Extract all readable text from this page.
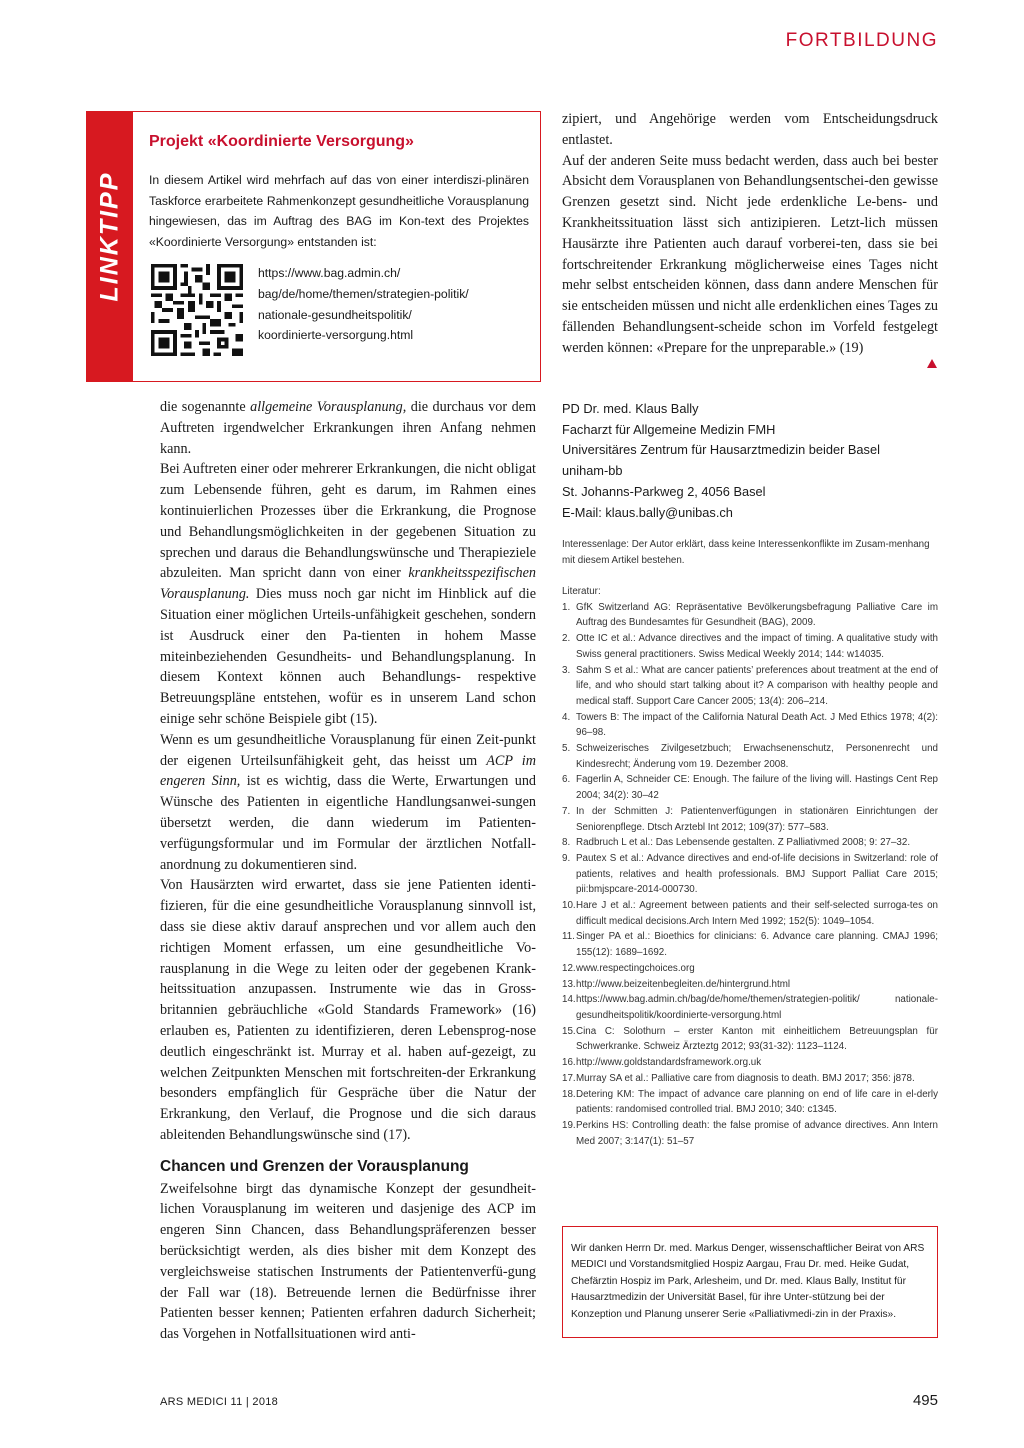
FORTBILDUNG
LINKTIPP
Projekt «Koordinierte Versorgung»
In diesem Artikel wird mehrfach auf das von einer interdiszi-plinären Taskforce erarbeitete Rahmenkonzept gesundheitliche Vorausplanung hingewiesen, das im Auftrag des BAG im Kon-text des Projektes «Koordinierte Versorgung» entstanden ist:
https://www.bag.admin.ch/
bag/de/home/themen/strategien-politik/
nationale-gesundheitspolitik/
koordinierte-versorgung.html

die sogenannte allgemeine Vorausplanung, die durchaus vor dem Auftreten irgendwelcher Erkrankungen ihren Anfang nehmen kann.

Bei Auftreten einer oder mehrerer Erkrankungen, die nicht obligat zum Lebensende führen, geht es darum, im Rahmen eines kontinuierlichen Prozesses über die Erkrankung, die Prognose und Behandlungsmöglichkeiten in der gegebenen Situation zu sprechen und daraus die Behandlungswünsche und Therapieziele abzuleiten. Man spricht dann von einer krankheitsspezifischen Vorausplanung. Dies muss noch gar nicht im Hinblick auf die Situation einer möglichen Urteils-unfähigkeit geschehen, sondern ist Ausdruck einer den Pa-tienten in hohem Masse miteinbeziehenden Gesundheits- und Behandlungsplanung. In diesem Kontext können auch Behandlungs- respektive Betreuungspläne entstehen, wofür es in unserem Land schon einige sehr schöne Beispiele gibt (15).

Wenn es um gesundheitliche Vorausplanung für einen Zeit-punkt der eigenen Urteilsunfähigkeit geht, das heisst um ACP im engeren Sinn, ist es wichtig, dass die Werte, Erwartungen und Wünsche des Patienten in eigentliche Handlungsanwei-sungen übersetzt werden, die dann wiederum im Patienten-verfügungsformular und im Formular der ärztlichen Notfall-anordnung zu dokumentieren sind.

Von Hausärzten wird erwartet, dass sie jene Patienten identi-fizieren, für die eine gesundheitliche Vorausplanung sinnvoll ist, dass sie diese aktiv darauf ansprechen und vor allem auch den richtigen Moment erfassen, um eine gesundheitliche Vo-rausplanung in die Wege zu leiten oder der gegebenen Krank-heitssituation anzupassen. Instrumente wie das in Gross-britannien gebräuchliche «Gold Standards Framework» (16) erlauben es, Patienten zu identifizieren, deren Lebensprog-nose deutlich eingeschränkt ist. Murray et al. haben auf-gezeigt, zu welchen Zeitpunkten Menschen mit fortschreiten-der Erkrankung besonders empfänglich für Gespräche über die Natur der Erkrankung, den Verlauf, die Prognose und die sich daraus ableitenden Behandlungswünsche sind (17).

Chancen und Grenzen der Vorausplanung

Zweifelsohne birgt das dynamische Konzept der gesundheit-lichen Vorausplanung im weiteren und dasjenige des ACP im engeren Sinn Chancen, dass Behandlungspräferenzen besser berücksichtigt werden, als dies bisher mit dem Konzept des vergleichsweise statischen Instruments der Patientenverfü-gung der Fall war (18). Betreuende lernen die Bedürfnisse ihrer Patienten besser kennen; Patienten erfahren dadurch Sicherheit; das Vorgehen in Notfallsituationen wird anti-

zipiert, und Angehörige werden vom Entscheidungsdruck entlastet.

Auf der anderen Seite muss bedacht werden, dass auch bei bester Absicht dem Vorausplanen von Behandlungsentschei-den gewisse Grenzen gesetzt sind. Nicht jede erdenkliche Le-bens- und Krankheitssituation lässt sich antizipieren. Letzt-lich müssen Hausärzte ihre Patienten auch darauf vorberei-ten, dass sie bei fortschreitender Erkrankung möglicherweise eines Tages nicht mehr selbst entscheiden können, dass dann andere Menschen für sie entscheiden müssen und nicht alle erdenklichen eines Tages zu fällenden Behandlungsent-scheide schon im Vorfeld festgelegt werden können: «Prepare for the unpreparable.» (19)

PD Dr. med. Klaus Bally
Facharzt für Allgemeine Medizin FMH
Universitäres Zentrum für Hausarztmedizin beider Basel
uniham-bb
St. Johanns-Parkweg 2, 4056 Basel
E-Mail: klaus.bally@unibas.ch
Interessenlage: Der Autor erklärt, dass keine Interessenkonflikte im Zusam-menhang mit diesem Artikel bestehen.
Literatur:
1. GfK Switzerland AG: Repräsentative Bevölkerungsbefragung Palliative Care im Auftrag des Bundesamtes für Gesundheit (BAG), 2009.
2. Otte IC et al.: Advance directives and the impact of timing. A qualitative study with Swiss general practitioners. Swiss Medical Weekly 2014; 144: w14035.
3. Sahm S et al.: What are cancer patients’ preferences about treatment at the end of life, and who should start talking about it? A comparison with healthy people and medical staff. Support Care Cancer 2005; 13(4): 206–214.
4. Towers B: The impact of the California Natural Death Act. J Med Ethics 1978; 4(2): 96–98.
5. Schweizerisches Zivilgesetzbuch; Erwachsenenschutz, Personenrecht und Kindesrecht; Änderung vom 19. Dezember 2008.
6. Fagerlin A, Schneider CE: Enough. The failure of the living will. Hastings Cent Rep 2004; 34(2): 30–42
7. In der Schmitten J: Patientenverfügungen in stationären Einrichtungen der Seniorenpflege. Dtsch Arztebl Int 2012; 109(37): 577–583.
8. Radbruch L et al.: Das Lebensende gestalten. Z Palliativmed 2008; 9: 27–32.
9. Pautex S et al.: Advance directives and end-of-life decisions in Switzerland: role of patients, relatives and health professionals. BMJ Support Palliat Care 2015; pii:bmjspcare-2014-000730.
10. Hare J et al.: Agreement between patients and their self-selected surroga-tes on difficult medical decisions.Arch Intern Med 1992; 152(5): 1049–1054.
11. Singer PA et al.: Bioethics for clinicians: 6. Advance care planning. CMAJ 1996; 155(12): 1689–1692.
12. www.respectingchoices.org
13. http://www.beizeitenbegleiten.de/hintergrund.html
14. https://www.bag.admin.ch/bag/de/home/themen/strategien-politik/ nationale-gesundheitspolitik/koordinierte-versorgung.html
15. Cina C: Solothurn – erster Kanton mit einheitlichem Betreuungsplan für Schwerkranke. Schweiz Ärzteztg 2012; 93(31-32): 1123–1124.
16. http://www.goldstandardsframework.org.uk
17. Murray SA et al.: Palliative care from diagnosis to death. BMJ 2017; 356: j878.
18. Detering KM: The impact of advance care planning on end of life care in el-derly patients: randomised controlled trial. BMJ 2010; 340: c1345.
19. Perkins HS: Controlling death: the false promise of advance directives. Ann Intern Med 2007; 3:147(1): 51–57
Wir danken Herrn Dr. med. Markus Denger, wissenschaftlicher Beirat von ARS MEDICI und Vorstandsmitglied Hospiz Aargau, Frau Dr. med. Heike Gudat, Chefärztin Hospiz im Park, Arlesheim, und Dr. med. Klaus Bally, Institut für Hausarztmedizin der Universität Basel, für ihre Unter-stützung bei der Konzeption und Planung unserer Serie «Palliativmedi-zin in der Praxis».
ARS MEDICI 11 | 2018	495
